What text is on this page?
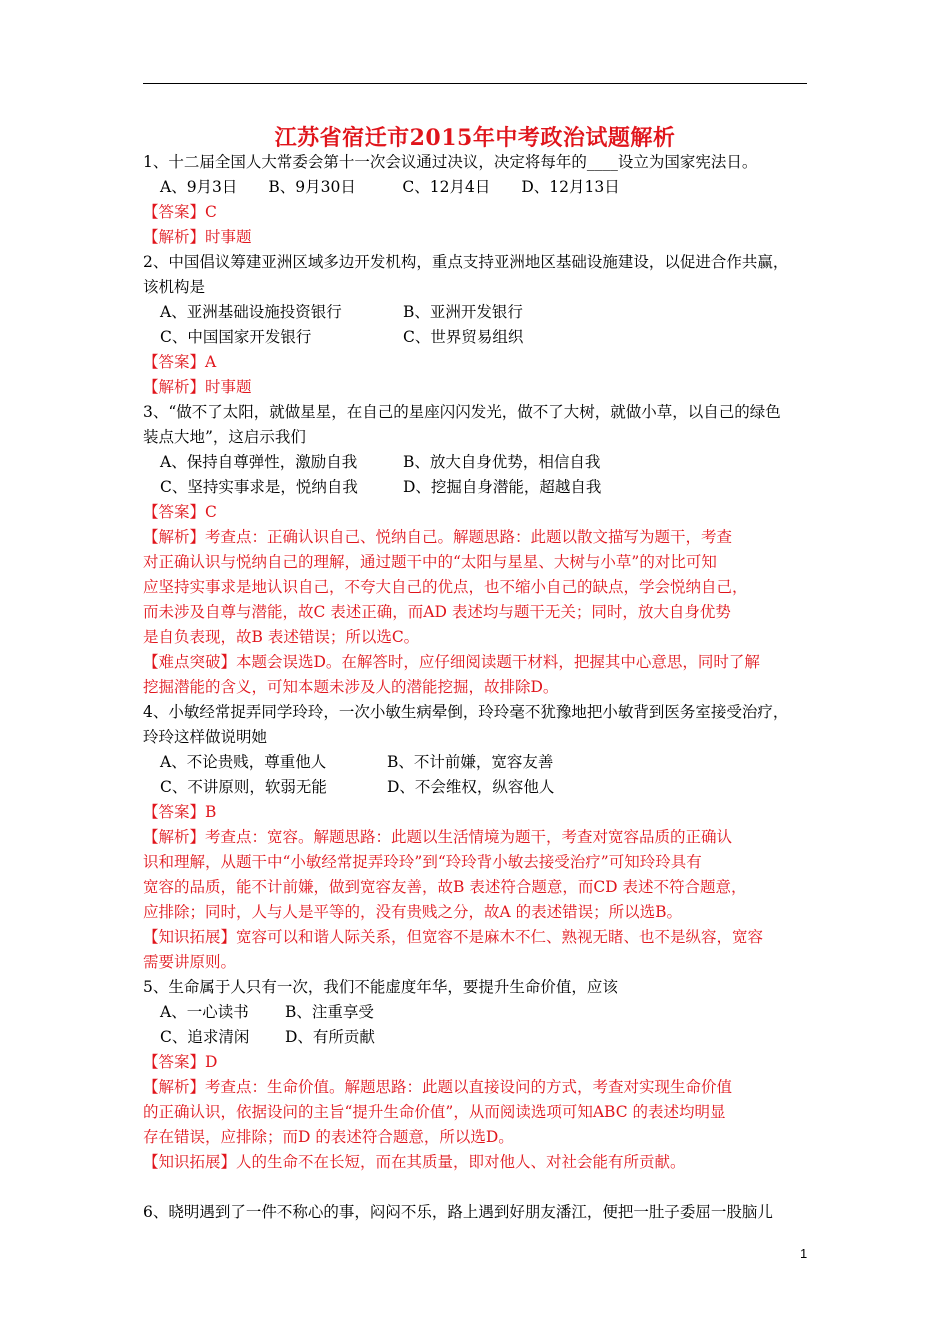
江苏省宿迁市2015年中考政治试题解析
1、十二届全国人大常委会第十一次会议通过决议，决定将每年的____设立为国家宪法日。
A、9月3日　　B、9月30日　　　C、12月4日　　D、12月13日
【答案】C
【解析】时事题
2、中国倡议筹建亚洲区域多边开发机构，重点支持亚洲地区基础设施建设，以促进合作共赢，
该机构是
A、亚洲基础设施投资银行	B、亚洲开发银行
C、中国国家开发银行	C、世界贸易组织
【答案】A
【解析】时事题
3、“做不了太阳，就做星星，在自己的星座闪闪发光，做不了大树，就做小草，以自己的绿色
装点大地”，这启示我们
A、保持自尊弹性，激励自我	B、放大自身优势，相信自我
C、坚持实事求是，悦纳自我	D、挖掘自身潜能，超越自我
【答案】C
【解析】考查点：正确认识自己、悦纳自己。解题思路：此题以散文描写为题干，考查
对正确认识与悦纳自己的理解，通过题干中的“太阳与星星、大树与小草”的对比可知
应坚持实事求是地认识自己，不夸大自己的优点，也不缩小自己的缺点，学会悦纳自己，
而未涉及自尊与潜能，故C 表述正确，而AD 表述均与题干无关；同时，放大自身优势
是自负表现，故B 表述错误；所以选C。
【难点突破】本题会误选D。在解答时，应仔细阅读题干材料，把握其中心意思，同时了解
挖掘潜能的含义，可知本题未涉及人的潜能挖掘，故排除D。
4、小敏经常捉弄同学玲玲，一次小敏生病晕倒，玲玲毫不犹豫地把小敏背到医务室接受治疗，
玲玲这样做说明她
A、不论贵贱，尊重他人	B、不计前嫌，宽容友善
C、不讲原则，软弱无能	D、不会维权，纵容他人
【答案】B
【解析】考查点：宽容。解题思路：此题以生活情境为题干，考查对宽容品质的正确认
识和理解，从题干中“小敏经常捉弄玲玲”到“玲玲背小敏去接受治疗”可知玲玲具有
宽容的品质，能不计前嫌，做到宽容友善，故B 表述符合题意，而CD 表述不符合题意，
应排除；同时，人与人是平等的，没有贵贱之分，故A 的表述错误；所以选B。
【知识拓展】宽容可以和谐人际关系，但宽容不是麻木不仁、熟视无睹、也不是纵容，宽容
需要讲原则。
5、生命属于人只有一次，我们不能虚度年华，要提升生命价值，应该
A、一心读书 B、注重享受
C、追求清闲 D、有所贡献
【答案】D
【解析】考查点：生命价值。解题思路：此题以直接设问的方式，考查对实现生命价值
的正确认识，依据设问的主旨“提升生命价值”，从而阅读选项可知ABC 的表述均明显
存在错误，应排除；而D 的表述符合题意，所以选D。
【知识拓展】人的生命不在长短，而在其质量，即对他人、对社会能有所贡献。
6、晓明遇到了一件不称心的事，闷闷不乐，路上遇到好朋友潘江，便把一肚子委屈一股脑儿
1
